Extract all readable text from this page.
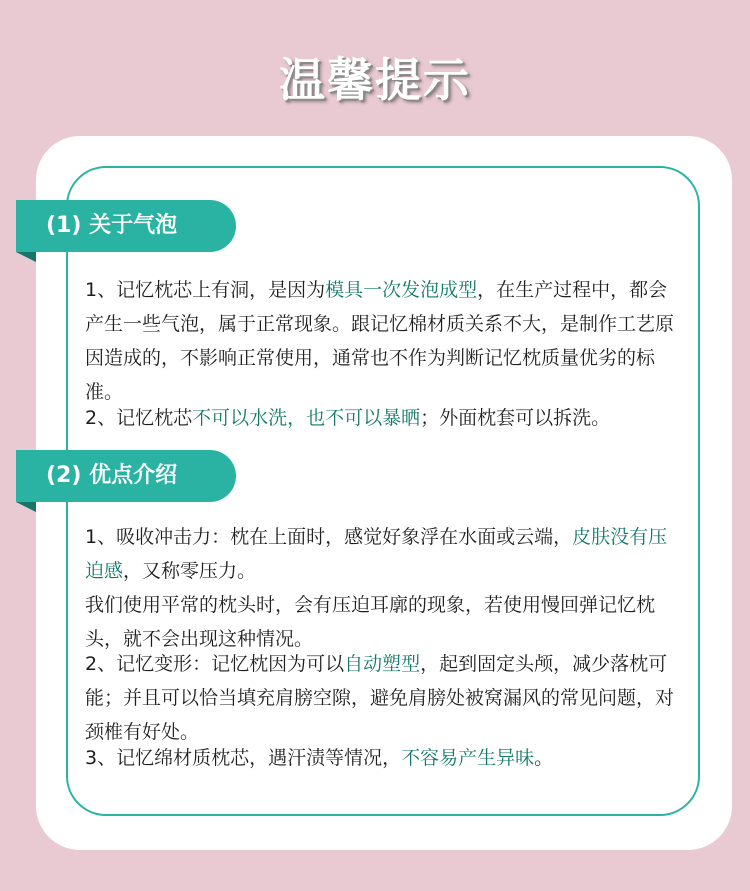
温馨提示
(1) 关于气泡
1、记忆枕芯上有洞，是因为模具一次发泡成型，在生产过程中，都会产生一些气泡，属于正常现象。跟记忆棉材质关系不大，是制作工艺原因造成的，不影响正常使用，通常也不作为判断记忆枕质量优劣的标准。
2、记忆枕芯不可以水洗，也不可以暴晒；外面枕套可以拆洗。
(2) 优点介绍
1、吸收冲击力：枕在上面时，感觉好象浮在水面或云端，皮肤没有压迫感，又称零压力。
我们使用平常的枕头时，会有压迫耳廓的现象，若使用慢回弹记忆枕头，就不会出现这种情况。
2、记忆变形：记忆枕因为可以自动塑型，起到固定头颅，减少落枕可能；并且可以恰当填充肩膀空隙，避免肩膀处被窝漏风的常见问题，对颈椎有好处。
3、记忆绵材质枕芯，遇汗渍等情况，不容易产生异味。
